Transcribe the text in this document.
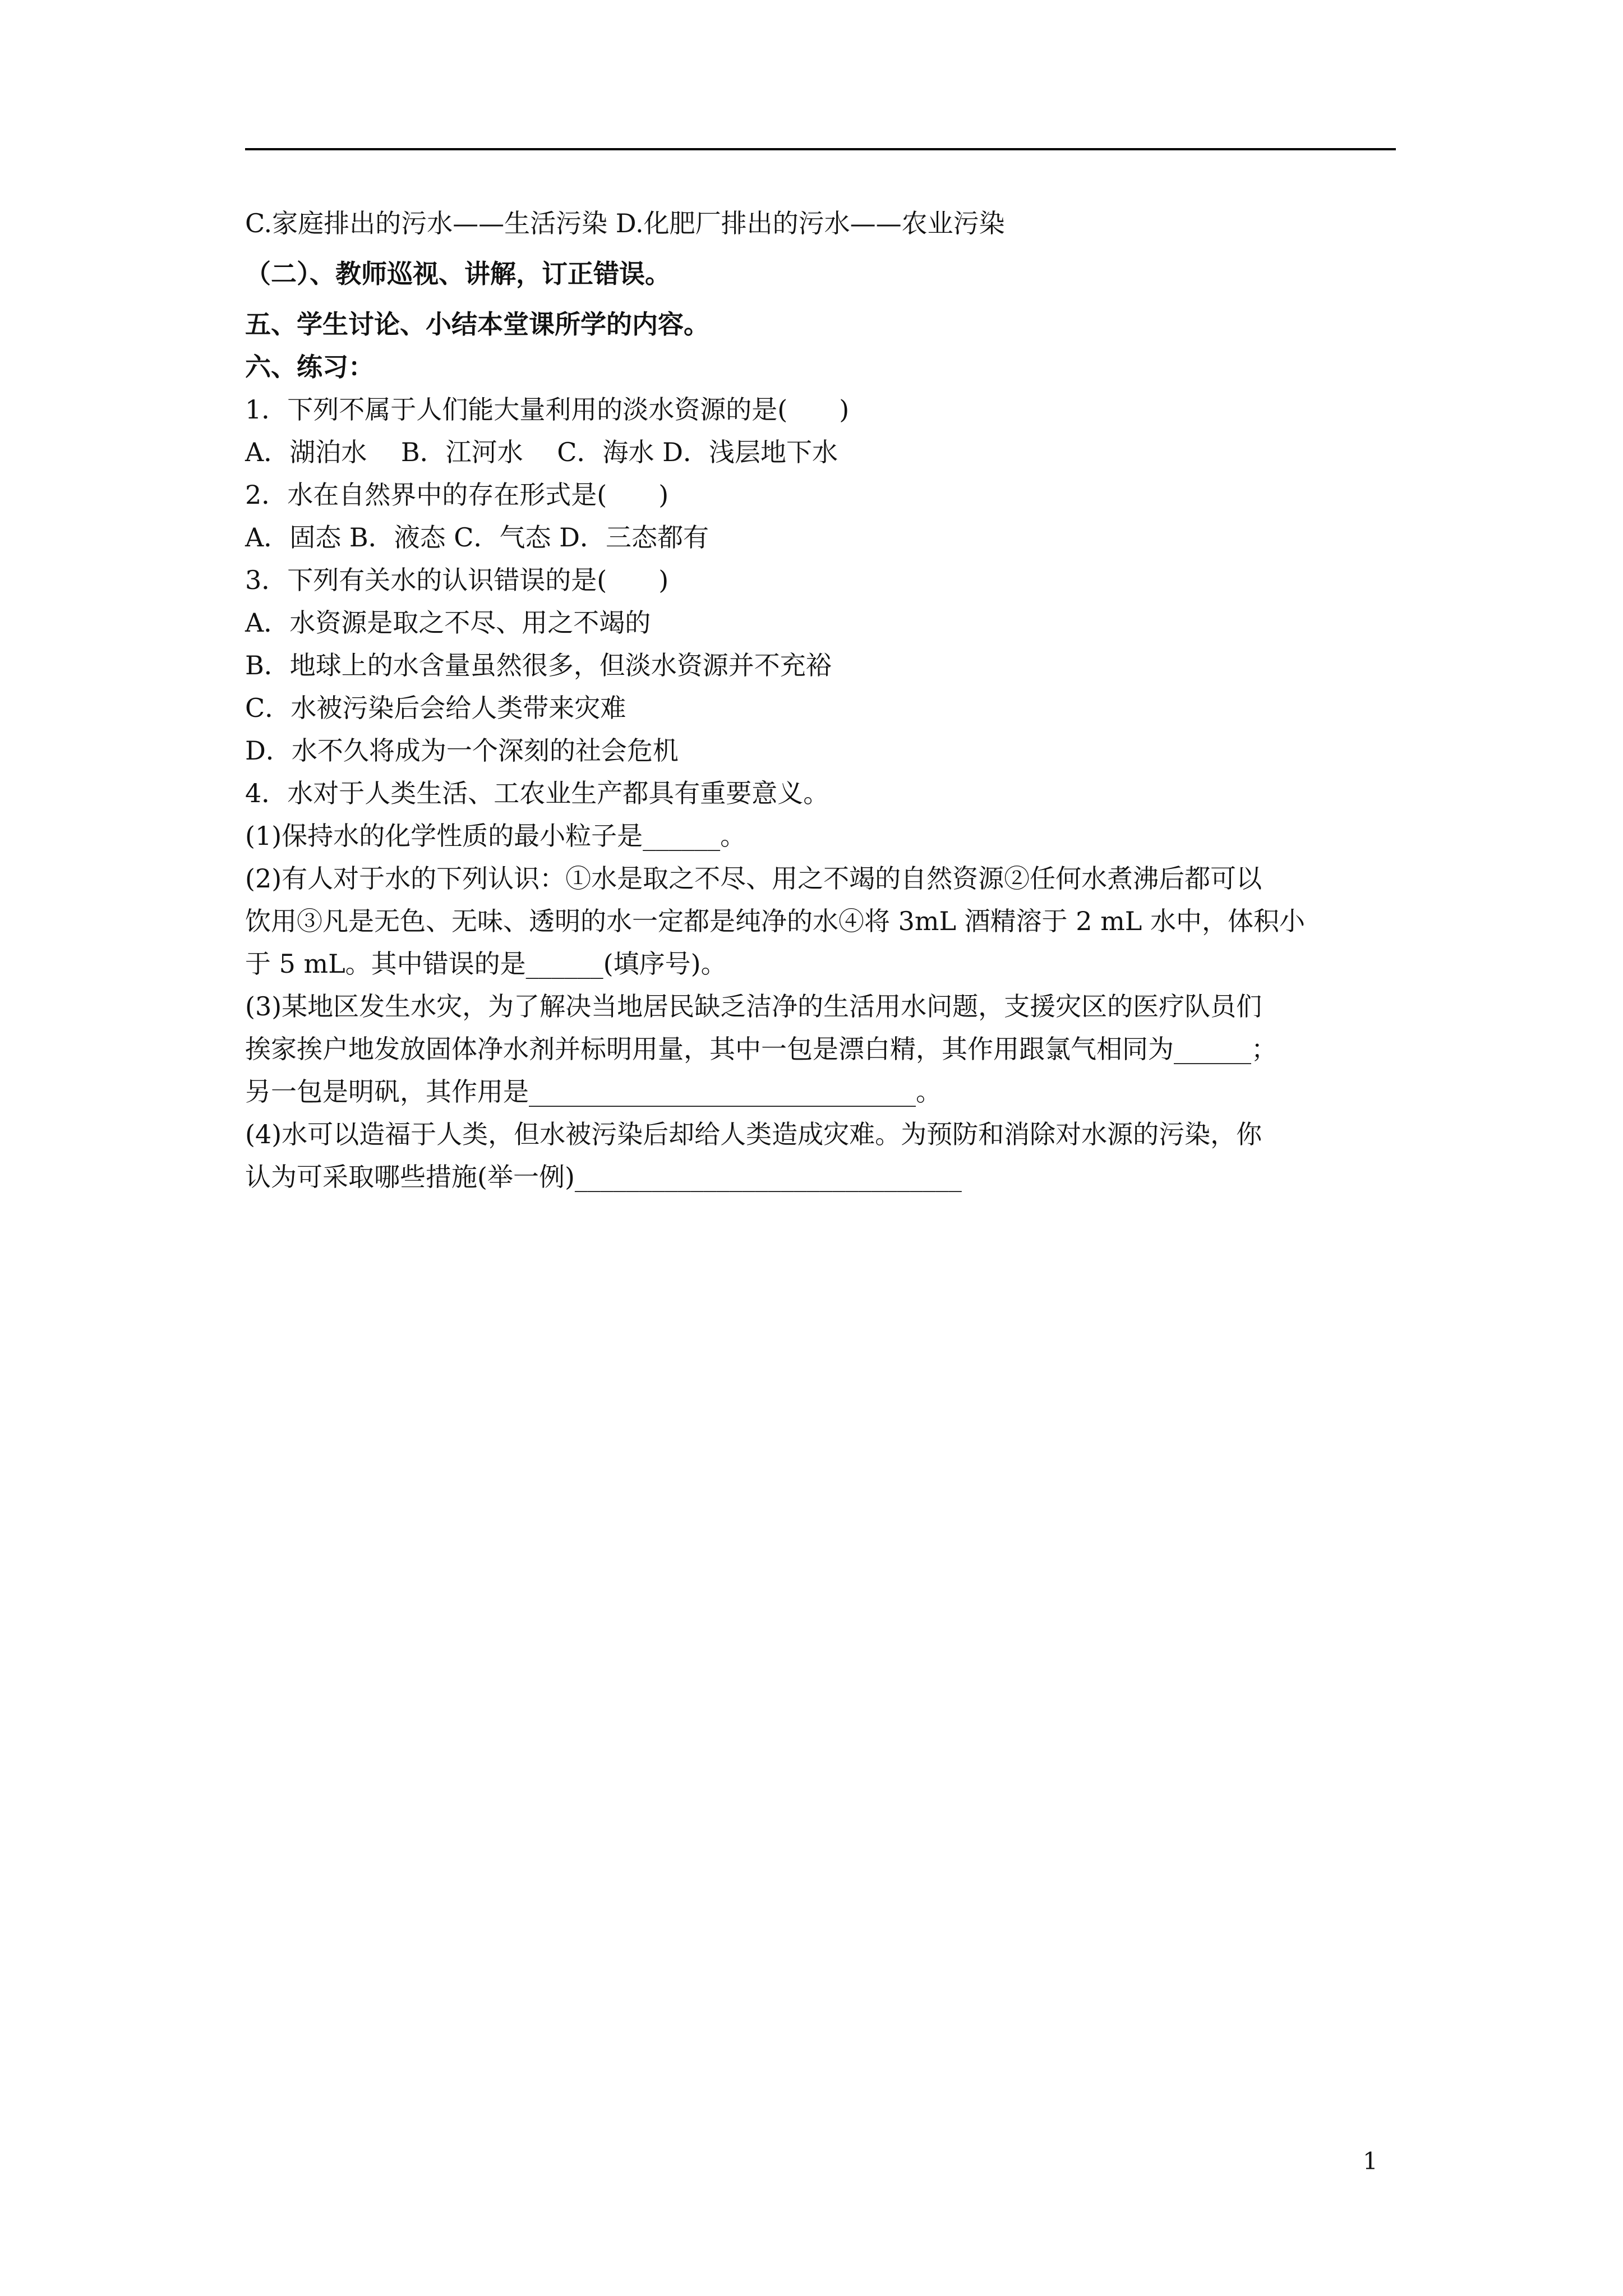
C.家庭排出的污水——生活污染 D.化肥厂排出的污水——农业污染

（二）、教师巡视、讲解，订正错误。

五、学生讨论、小结本堂课所学的内容。

六、练习：

1．下列不属于人们能大量利用的淡水资源的是(　　)

A．湖泊水　 B．江河水　 C．海水 D．浅层地下水

2．水在自然界中的存在形式是(　　)

A．固态 B．液态 C．气态 D．三态都有

3．下列有关水的认识错误的是(　　)

A．水资源是取之不尽、用之不竭的

B．地球上的水含量虽然很多，但淡水资源并不充裕

C．水被污染后会给人类带来灾难

D．水不久将成为一个深刻的社会危机

4．水对于人类生活、工农业生产都具有重要意义。

(1)保持水的化学性质的最小粒子是______。

(2)有人对于水的下列认识：①水是取之不尽、用之不竭的自然资源②任何水煮沸后都可以

饮用③凡是无色、无味、透明的水一定都是纯净的水④将 3mL 酒精溶于 2 mL 水中，体积小

于 5 mL。其中错误的是______(填序号)。

(3)某地区发生水灾，为了解决当地居民缺乏洁净的生活用水问题，支援灾区的医疗队员们

挨家挨户地发放固体净水剂并标明用量，其中一包是漂白精，其作用跟氯气相同为______；

另一包是明矾，其作用是______________________________。

(4)水可以造福于人类，但水被污染后却给人类造成灾难。为预防和消除对水源的污染，你

认为可采取哪些措施(举一例)______________________________

1
